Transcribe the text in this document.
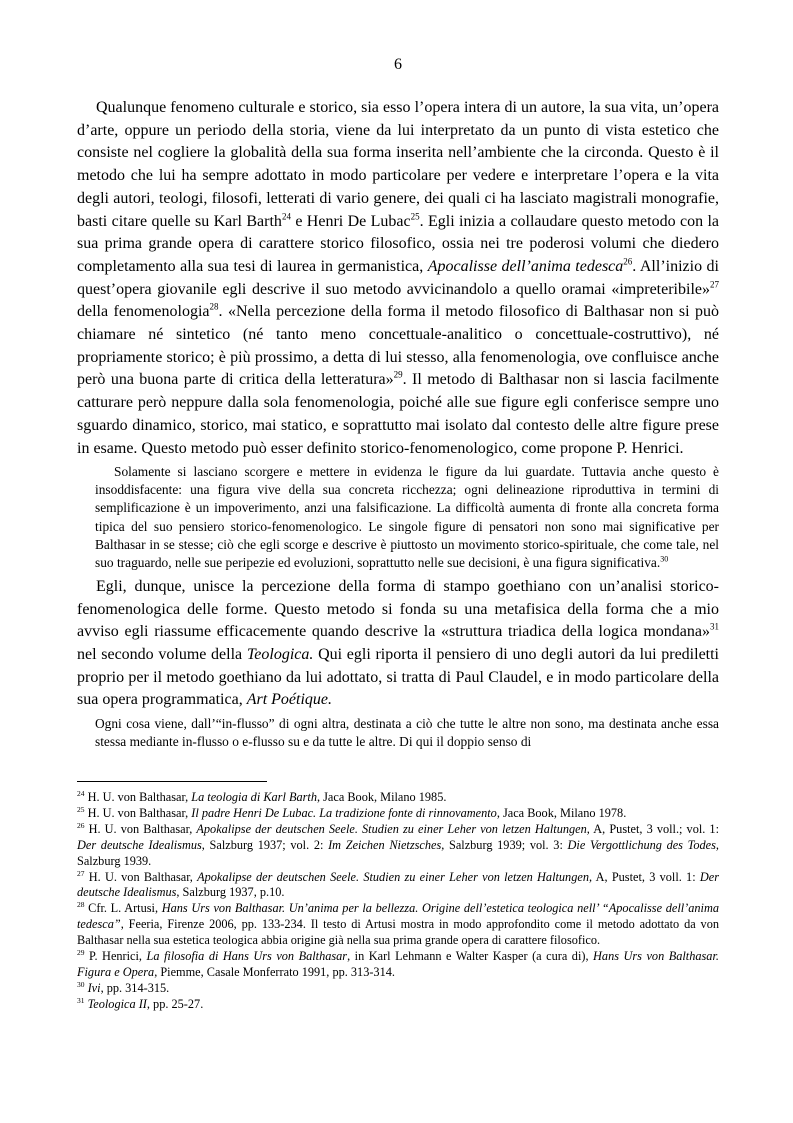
6

Qualunque fenomeno culturale e storico, sia esso l’opera intera di un autore, la sua vita, un’opera d’arte, oppure un periodo della storia, viene da lui interpretato da un punto di vista estetico che consiste nel cogliere la globalità della sua forma inserita nell’ambiente che la circonda. Questo è il metodo che lui ha sempre adottato in modo particolare per vedere e interpretare l’opera e la vita degli autori, teologi, filosofi, letterati di vario genere, dei quali ci ha lasciato magistrali monografie, basti citare quelle su Karl Barth$^{24}$ e Henri De Lubac$^{25}$. Egli inizia a collaudare questo metodo con la sua prima grande opera di carattere storico filosofico, ossia nei tre poderosi volumi che diedero completamento alla sua tesi di laurea in germanistica, Apocalisse dell’anima tedesca$^{26}$. All’inizio di quest’opera giovanile egli descrive il suo metodo avvicinandolo a quello oramai «impreteribile»$^{27}$ della fenomenologia$^{28}$. «Nella percezione della forma il metodo filosofico di Balthasar non si può chiamare né sintetico (né tanto meno concettuale-analitico o concettuale-costruttivo), né propriamente storico; è più prossimo, a detta di lui stesso, alla fenomenologia, ove confluisce anche però una buona parte di critica della letteratura»$^{29}$. Il metodo di Balthasar non si lascia facilmente catturare però neppure dalla sola fenomenologia, poiché alle sue figure egli conferisce sempre uno sguardo dinamico, storico, mai statico, e soprattutto mai isolato dal contesto delle altre figure prese in esame. Questo metodo può esser definito storico-fenomenologico, come propone P. Henrici.

Solamente si lasciano scorgere e mettere in evidenza le figure da lui guardate. Tuttavia anche questo è insoddisfacente: una figura vive della sua concreta ricchezza; ogni delineazione riproduttiva in termini di semplificazione è un impoverimento, anzi una falsificazione. La difficoltà aumenta di fronte alla concreta forma tipica del suo pensiero storico-fenomenologico. Le singole figure di pensatori non sono mai significative per Balthasar in se stesse; ciò che egli scorge e descrive è piuttosto un movimento storico-spirituale, che come tale, nel suo traguardo, nelle sue peripezie ed evoluzioni, soprattutto nelle sue decisioni, è una figura significativa.$^{30}$

Egli, dunque, unisce la percezione della forma di stampo goethiano con un’analisi storico-fenomenologica delle forme. Questo metodo si fonda su una metafisica della forma che a mio avviso egli riassume efficacemente quando descrive la «struttura triadica della logica mondana»$^{31}$ nel secondo volume della Teologica. Qui egli riporta il pensiero di uno degli autori da lui prediletti proprio per il metodo goethiano da lui adottato, si tratta di Paul Claudel, e in modo particolare della sua opera programmatica, Art Poétique.

Ogni cosa viene, dall’“in-flusso” di ogni altra, destinata a ciò che tutte le altre non sono, ma destinata anche essa stessa mediante in-flusso o e-flusso su e da tutte le altre. Di qui il doppio senso di

$^{24}$ H. U. von Balthasar, La teologia di Karl Barth, Jaca Book, Milano 1985.

$^{25}$ H. U. von Balthasar, Il padre Henri De Lubac. La tradizione fonte di rinnovamento, Jaca Book, Milano 1978.

$^{26}$ H. U. von Balthasar, Apokalipse der deutschen Seele. Studien zu einer Leher von letzen Haltungen, A, Pustet, 3 voll.; vol. 1: Der deutsche Idealismus, Salzburg 1937; vol. 2: Im Zeichen Nietzsches, Salzburg 1939; vol. 3: Die Vergottlichung des Todes, Salzburg 1939.

$^{27}$ H. U. von Balthasar, Apokalipse der deutschen Seele. Studien zu einer Leher von letzen Haltungen, A, Pustet, 3 voll. 1: Der deutsche Idealismus, Salzburg 1937, p.10.

$^{28}$ Cfr. L. Artusi, Hans Urs von Balthasar. Un’anima per la bellezza. Origine dell’estetica teologica nell’ “Apocalisse dell’anima tedesca”, Feeria, Firenze 2006, pp. 133-234. Il testo di Artusi mostra in modo approfondito come il metodo adottato da von Balthasar nella sua estetica teologica abbia origine già nella sua prima grande opera di carattere filosofico.

$^{29}$ P. Henrici, La filosofia di Hans Urs von Balthasar, in Karl Lehmann e Walter Kasper (a cura di), Hans Urs von Balthasar. Figura e Opera, Piemme, Casale Monferrato 1991, pp. 313-314.

$^{30}$ Ivi, pp. 314-315.

$^{31}$ Teologica II, pp. 25-27.
